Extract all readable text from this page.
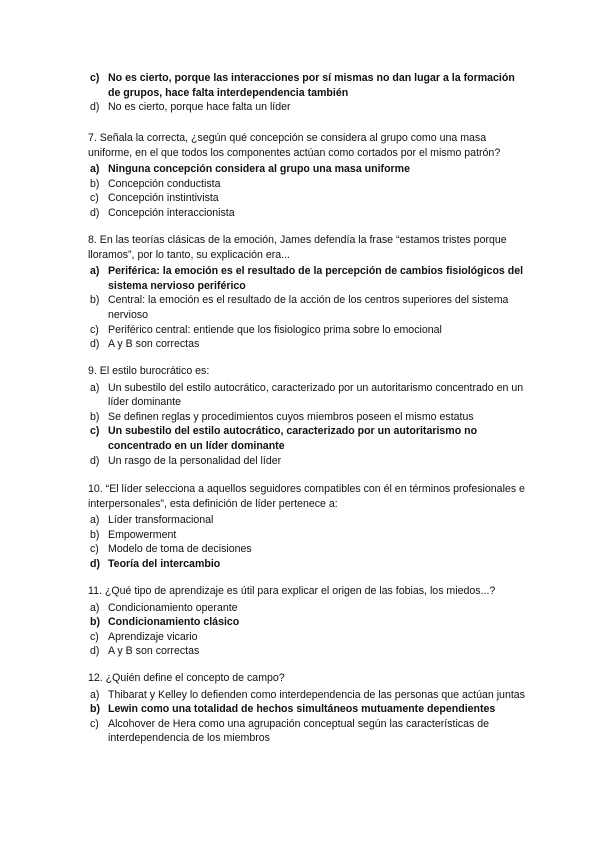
c) No es cierto, porque las interacciones por sí mismas no dan lugar a la formación de grupos, hace falta interdependencia también
d) No es cierto, porque hace falta un líder

7. Señala la correcta, ¿según qué concepción se considera al grupo como una masa uniforme, en el que todos los componentes actúan como cortados por el mismo patrón?

a) Ninguna concepción considera al grupo una masa uniforme
b) Concepción conductista
c) Concepción instintivista
d) Concepción interaccionista

8. En las teorías clásicas de la emoción, James defendía la frase “estamos tristes porque lloramos”, por lo tanto, su explicación era...

a) Periférica: la emoción es el resultado de la percepción de cambios fisiológicos del sistema nervioso periférico
b) Central: la emoción es el resultado de la acción de los centros superiores del sistema nervioso
c) Periférico central: entiende que los fisiologico prima sobre lo emocional
d) A y B son correctas

9. El estilo burocrático es:

a) Un subestilo del estilo autocrático, caracterizado por un autoritarismo concentrado en un líder dominante
b) Se definen reglas y procedimientos cuyos miembros poseen el mismo estatus
c) Un subestilo del estilo autocrático, caracterizado por un autoritarismo no concentrado en un líder dominante
d) Un rasgo de la personalidad del líder

10. “El líder selecciona a aquellos seguidores compatibles con él en términos profesionales e interpersonales”, esta definición de líder pertenece a:

a) Líder transformacional
b) Empowerment
c) Modelo de toma de decisiones
d) Teoría del intercambio

11. ¿Qué tipo de aprendizaje es útil para explicar el origen de las fobias, los miedos...?

a) Condicionamiento operante
b) Condicionamiento clásico
c) Aprendizaje vicario
d) A y B son correctas

12. ¿Quién define el concepto de campo?

a) Thibarat y Kelley lo defienden como interdependencia de las personas que actúan juntas
b) Lewin como una totalidad de hechos simultáneos mutuamente dependientes
c) Alcohover de Hera como una agrupación conceptual según las características de interdependencia de los miembros
